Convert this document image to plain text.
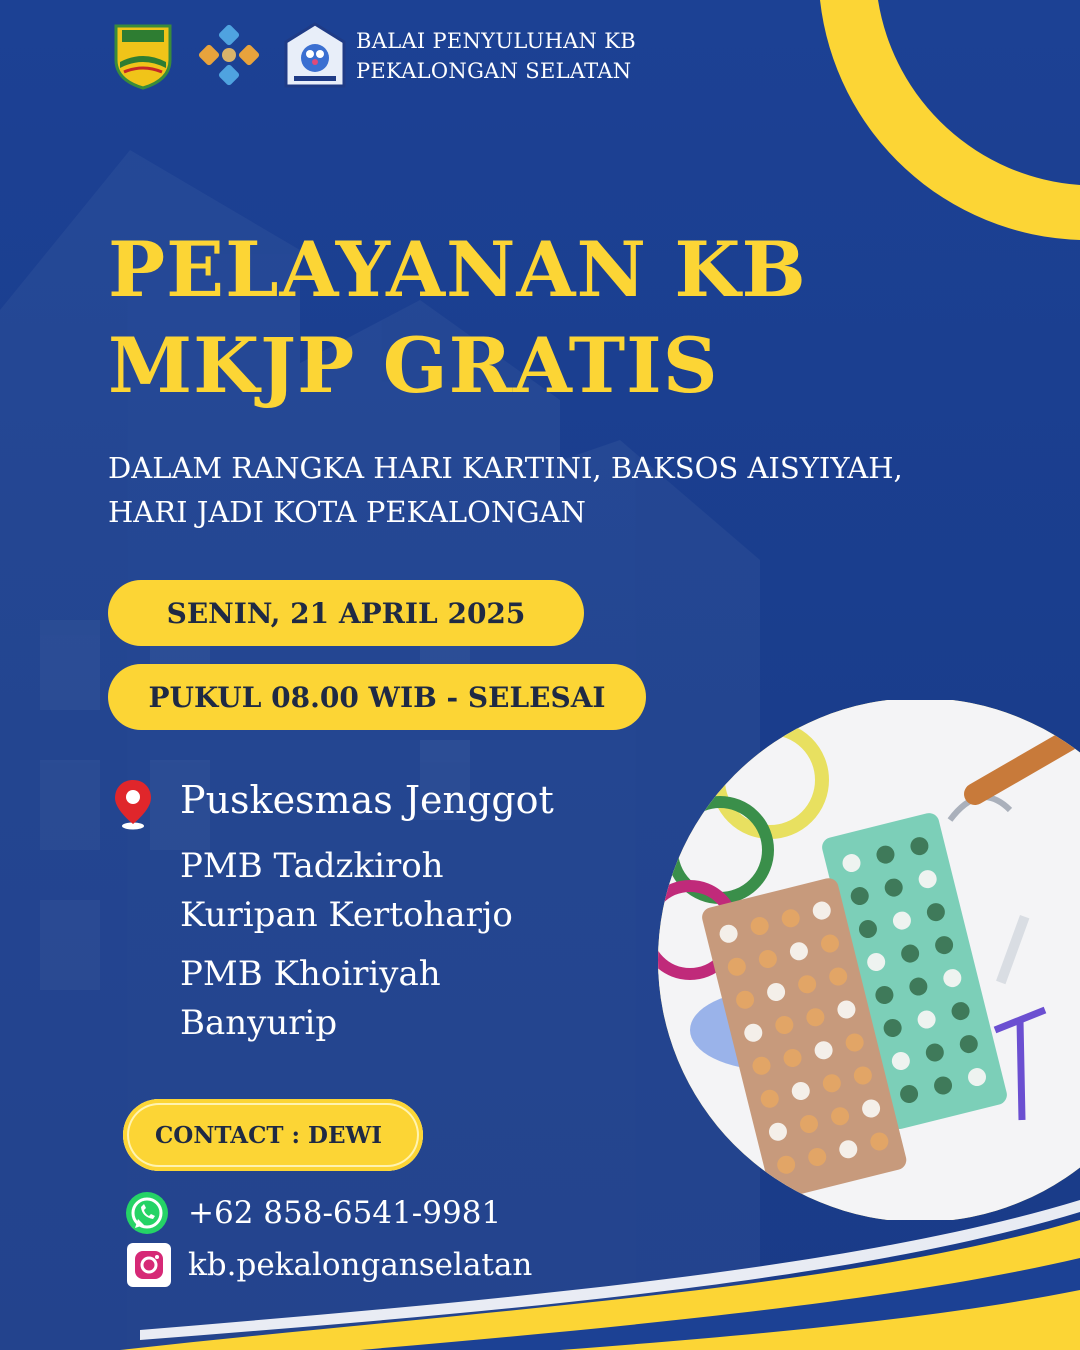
BALAI PENYULUHAN KB
PEKALONGAN SELATAN
PELAYANAN KB
MKJP GRATIS
DALAM RANGKA HARI KARTINI, BAKSOS AISYIYAH,
HARI JADI KOTA PEKALONGAN
SENIN, 21 APRIL 2025
PUKUL 08.00 WIB - SELESAI
Puskesmas Jenggot
PMB Tadzkiroh
Kuripan Kertoharjo
PMB Khoiriyah
Banyurip
CONTACT : DEWI
+62 858-6541-9981
kb.pekalonganselatan
